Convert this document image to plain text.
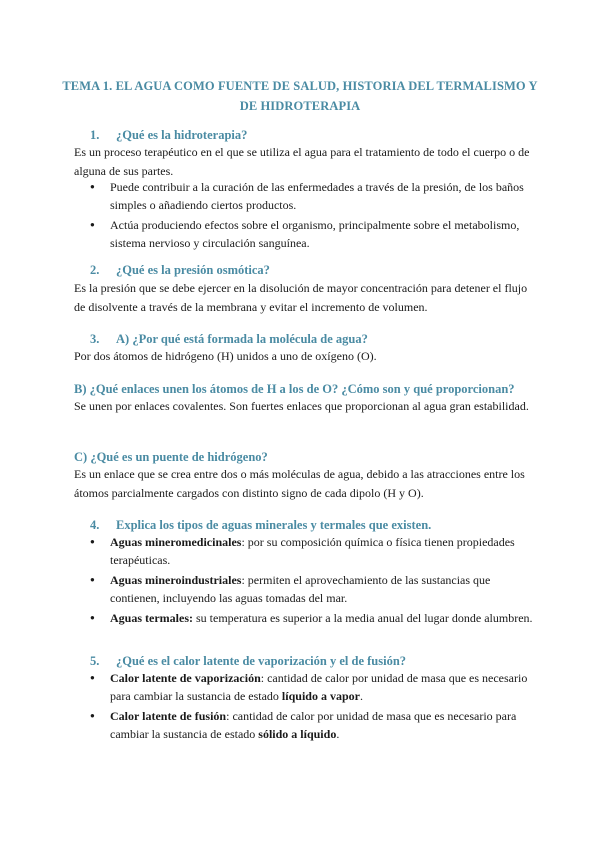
TEMA 1. EL AGUA COMO FUENTE DE SALUD, HISTORIA DEL TERMALISMO Y DE HIDROTERAPIA
1. ¿Qué es la hidroterapia?
Es un proceso terapéutico en el que se utiliza el agua para el tratamiento de todo el cuerpo o de alguna de sus partes.
● Puede contribuir a la curación de las enfermedades a través de la presión, de los baños simples o añadiendo ciertos productos.
● Actúa produciendo efectos sobre el organismo, principalmente sobre el metabolismo, sistema nervioso y circulación sanguínea.
2. ¿Qué es la presión osmótica?
Es la presión que se debe ejercer en la disolución de mayor concentración para detener el flujo de disolvente a través de la membrana y evitar el incremento de volumen.
3. A) ¿Por qué está formada la molécula de agua?
Por dos átomos de hidrógeno (H) unidos a uno de oxígeno (O).
B) ¿Qué enlaces unen los átomos de H a los de O? ¿Cómo son y qué proporcionan?
Se unen por enlaces covalentes. Son fuertes enlaces que proporcionan al agua gran estabilidad.
C) ¿Qué es un puente de hidrógeno?
Es un enlace que se crea entre dos o más moléculas de agua, debido a las atracciones entre los átomos parcialmente cargados con distinto signo de cada dipolo (H y O).
4. Explica los tipos de aguas minerales y termales que existen.
● Aguas mineromedicinales: por su composición química o física tienen propiedades terapéuticas.
● Aguas mineroindustriales: permiten el aprovechamiento de las sustancias que contienen, incluyendo las aguas tomadas del mar.
● Aguas termales: su temperatura es superior a la media anual del lugar donde alumbren.
5. ¿Qué es el calor latente de vaporización y el de fusión?
● Calor latente de vaporización: cantidad de calor por unidad de masa que es necesario para cambiar la sustancia de estado líquido a vapor.
● Calor latente de fusión: cantidad de calor por unidad de masa que es necesario para cambiar la sustancia de estado sólido a líquido.
